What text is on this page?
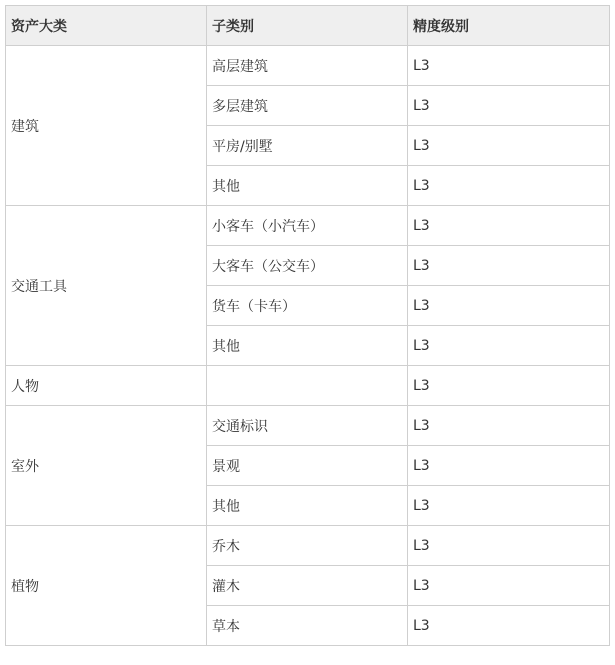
资产大类	子类别	精度级别
建筑	高层建筑	L3
	多层建筑	L3
	平房/别墅	L3
	其他	L3
交通工具	小客车（小汽车）	L3
	大客车（公交车）	L3
	货车（卡车）	L3
	其他	L3
人物		L3
室外	交通标识	L3
	景观	L3
	其他	L3
植物	乔木	L3
	灌木	L3
	草本	L3
